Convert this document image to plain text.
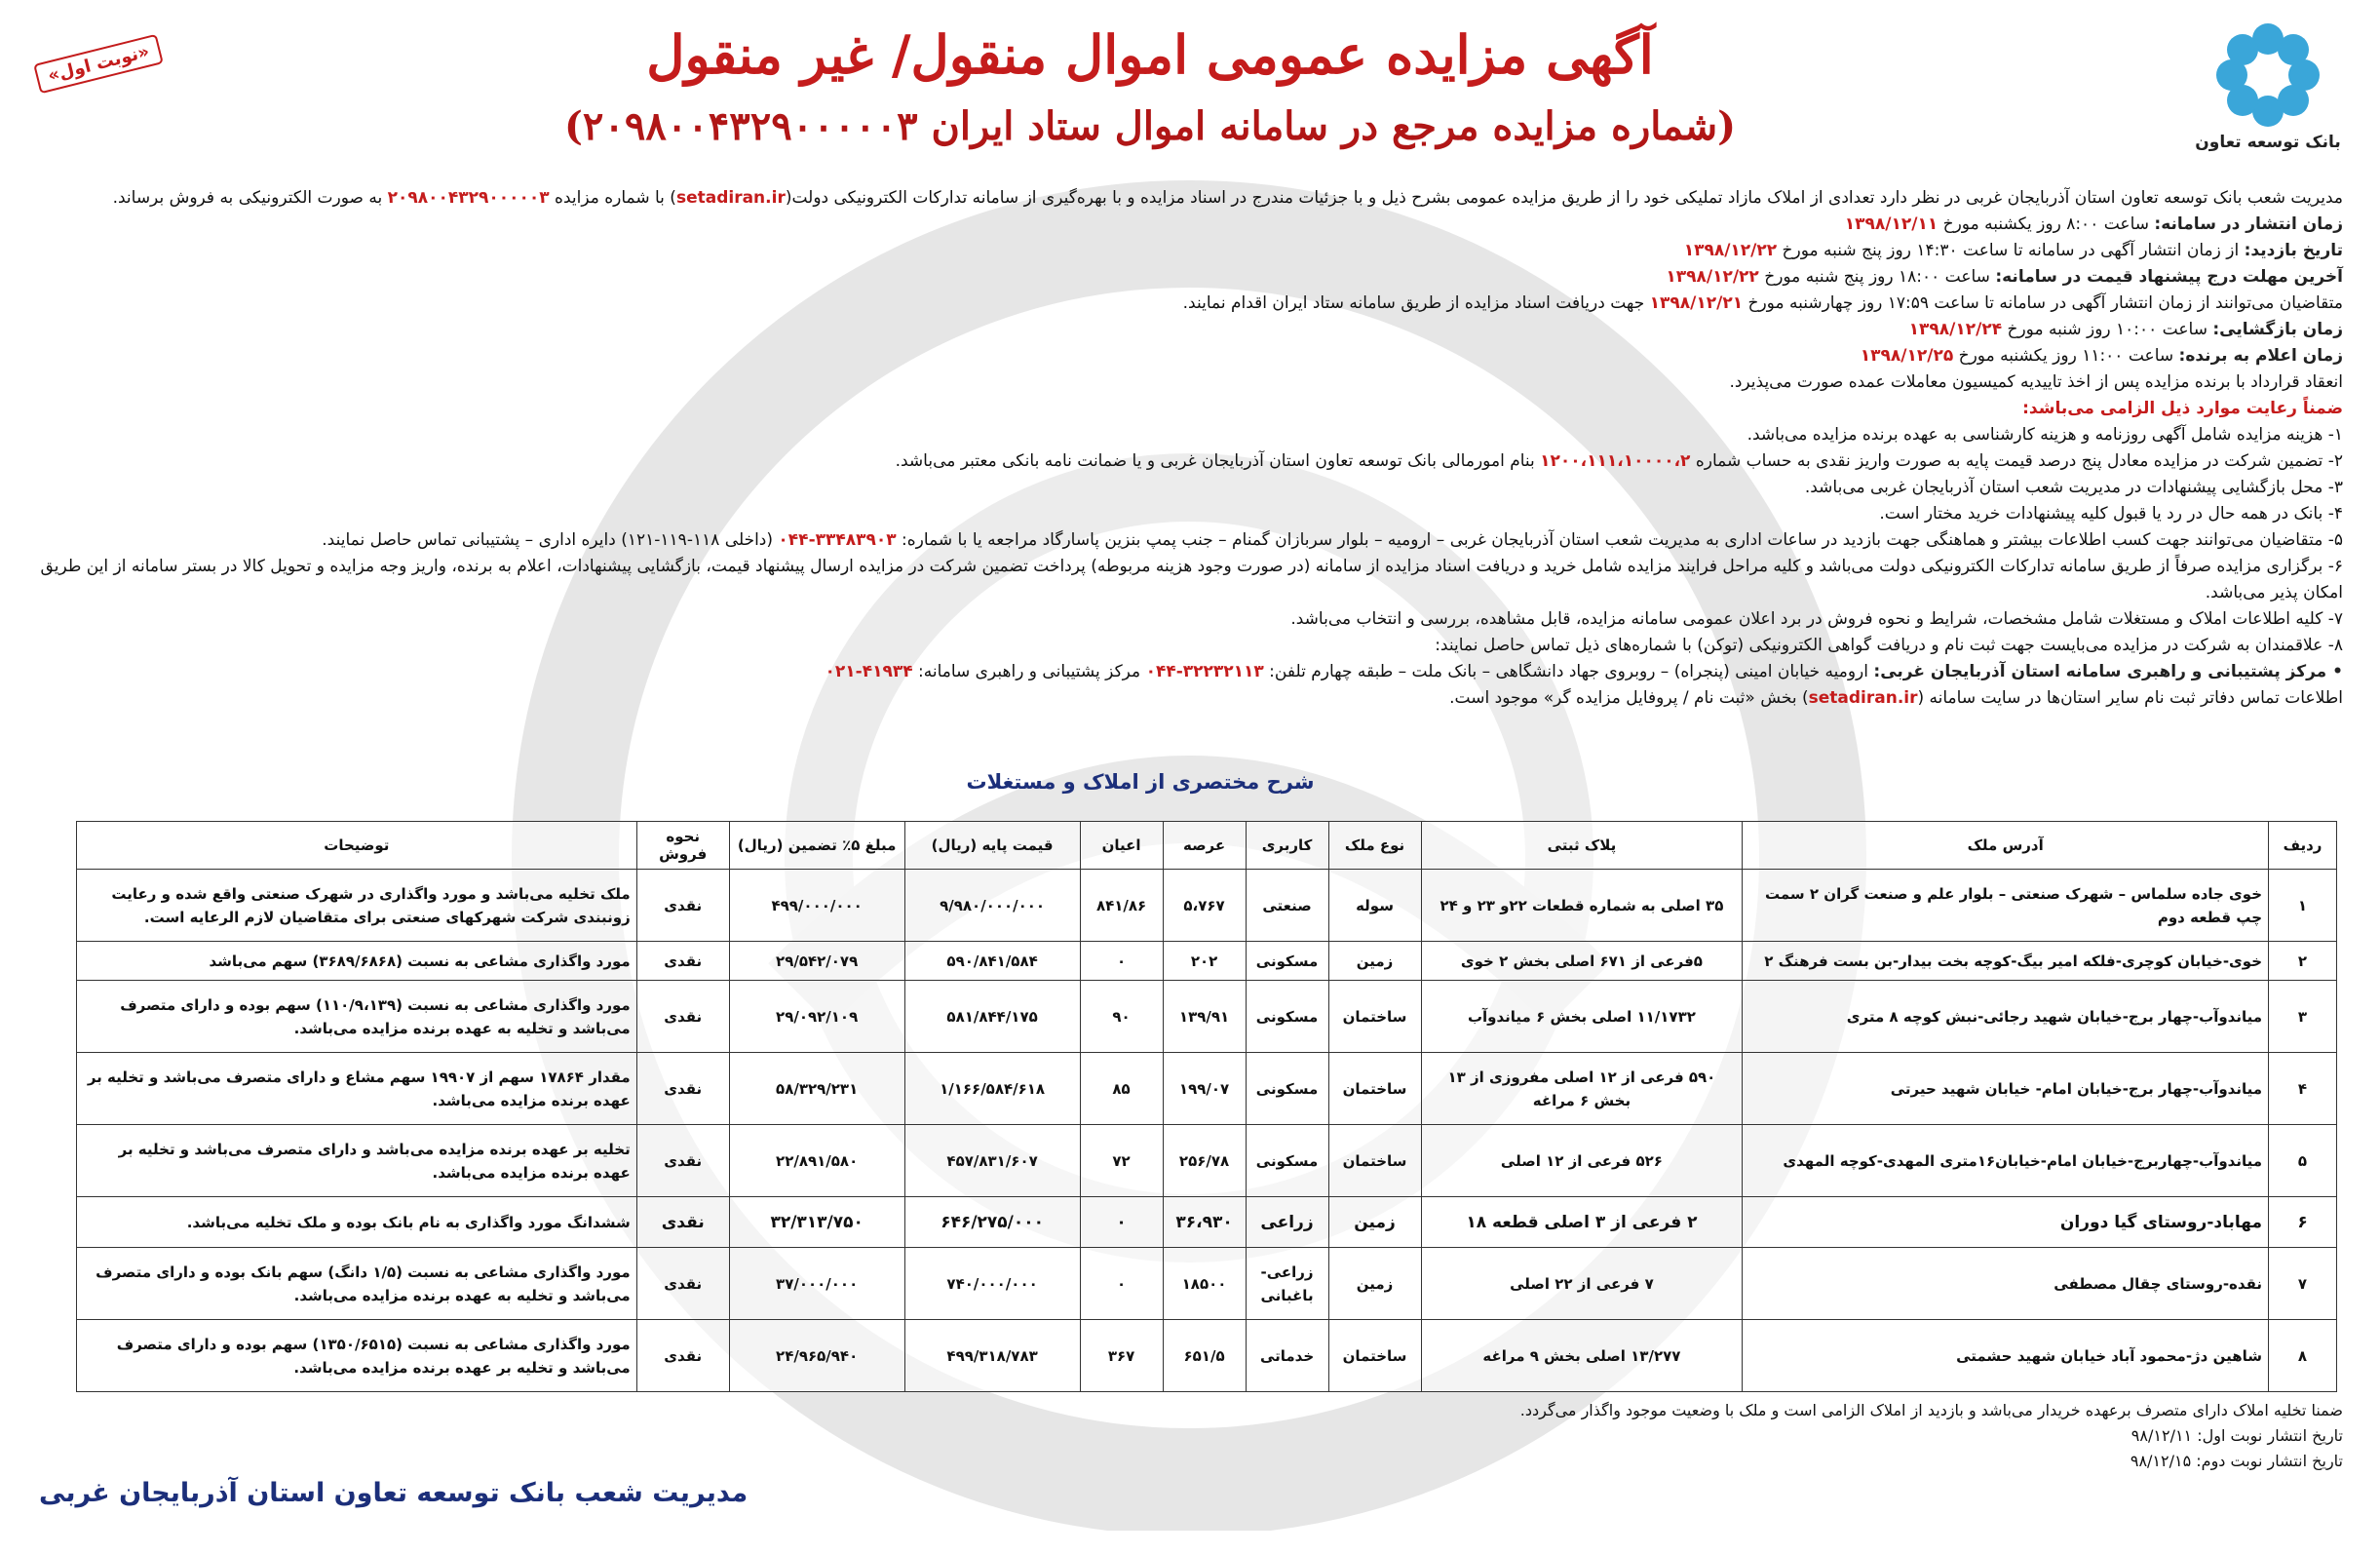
بانک توسعه تعاون
«نوبت اول»	آگهی مزایده عمومی اموال منقول/ غیر منقول
(شماره مزایده مرجع در سامانه اموال ستاد ایران ۲۰۹۸۰۰۴۳۲۹۰۰۰۰۰۳)

مدیریت شعب بانک توسعه تعاون استان آذربایجان غربی در نظر دارد تعدادی از املاک مازاد تملیکی خود را از طریق مزایده عمومی بشرح ذیل و با جزئیات مندرج در اسناد مزایده و با بهره‌گیری از سامانه تدارکات الکترونیکی دولت(setadiran.ir) با شماره مزایده ۲۰۹۸۰۰۴۳۲۹۰۰۰۰۰۳ به صورت الکترونیکی به فروش برساند.

زمان انتشار در سامانه: ساعت ۸:۰۰ روز یکشنبه مورخ ۱۳۹۸/۱۲/۱۱

تاریخ بازدید: از زمان انتشار آگهی در سامانه تا ساعت ۱۴:۳۰ روز پنج شنبه مورخ ۱۳۹۸/۱۲/۲۲

آخرین مهلت درج پیشنهاد قیمت در سامانه: ساعت ۱۸:۰۰ روز پنج شنبه مورخ ۱۳۹۸/۱۲/۲۲

متقاضیان می‌توانند از زمان انتشار آگهی در سامانه تا ساعت ۱۷:۵۹ روز چهارشنبه مورخ ۱۳۹۸/۱۲/۲۱ جهت دریافت اسناد مزایده از طریق سامانه ستاد ایران اقدام نمایند.

زمان بازگشایی: ساعت ۱۰:۰۰ روز شنبه مورخ ۱۳۹۸/۱۲/۲۴

زمان اعلام به برنده: ساعت ۱۱:۰۰ روز یکشنبه مورخ ۱۳۹۸/۱۲/۲۵

انعقاد قرارداد با برنده مزایده پس از اخذ تاییدیه کمیسیون معاملات عمده صورت می‌پذیرد.

ضمناً رعایت موارد ذیل الزامی می‌باشد:

۱- هزینه مزایده شامل آگهی روزنامه و هزینه کارشناسی به عهده برنده مزایده می‌باشد.

۲- تضمین شرکت در مزایده معادل پنج درصد قیمت پایه به صورت واریز نقدی به حساب شماره ۱۲۰۰،۱۱۱،۱۰۰۰۰،۲ بنام امورمالی بانک توسعه تعاون استان آذربایجان غربی و یا ضمانت نامه بانکی معتبر می‌باشد.

۳- محل بازگشایی پیشنهادات در مدیریت شعب استان آذربایجان غربی می‌باشد.

۴- بانک در همه حال در رد یا قبول کلیه پیشنهادات خرید مختار است.

۵- متقاضیان می‌توانند جهت کسب اطلاعات بیشتر و هماهنگی جهت بازدید در ساعات اداری به مدیریت شعب استان آذربایجان غربی – ارومیه – بلوار سربازان گمنام – جنب پمپ بنزین پاسارگاد مراجعه یا با شماره: ۳۳۴۸۳۹۰۳-۰۴۴ (داخلی ۱۱۸-۱۱۹-۱۲۱) دایره اداری – پشتیبانی تماس حاصل نمایند.

۶- برگزاری مزایده صرفاً از طریق سامانه تدارکات الکترونیکی دولت می‌باشد و کلیه مراحل فرایند مزایده شامل خرید و دریافت اسناد مزایده از سامانه (در صورت وجود هزینه مربوطه) پرداخت تضمین شرکت در مزایده ارسال پیشنهاد قیمت، بازگشایی پیشنهادات، اعلام به برنده، واریز وجه مزایده و تحویل کالا در بستر سامانه از این طریق امکان پذیر می‌باشد.

۷- کلیه اطلاعات املاک و مستغلات شامل مشخصات، شرایط و نحوه فروش در برد اعلان عمومی سامانه مزایده، قابل مشاهده، بررسی و انتخاب می‌باشد.

۸- علاقمندان به شرکت در مزایده می‌بایست جهت ثبت نام و دریافت گواهی الکترونیکی (توکن) با شماره‌های ذیل تماس حاصل نمایند:

• مرکز پشتیبانی و راهبری سامانه استان آذربایجان غربی: ارومیه خیابان امینی (پنجراه) – روبروی جهاد دانشگاهی – بانک ملت – طبقه چهارم تلفن: ۳۲۲۳۲۱۱۳-۰۴۴ مرکز پشتیبانی و راهبری سامانه: ۴۱۹۳۴-۰۲۱

اطلاعات تماس دفاتر ثبت نام سایر استان‌ها در سایت سامانه (setadiran.ir) بخش «ثبت نام / پروفایل مزایده گر» موجود است.

شرح مختصری از املاک و مستغلات
ردیف	آدرس ملک	پلاک ثبتی	نوع ملک	کاربری	عرصه	اعیان	قیمت پایه (ریال)	مبلغ ۵٪ تضمین (ریال)	نحوه فروش	توضیحات
۱	خوی جاده سلماس – شهرک صنعتی – بلوار علم و صنعت گران ۲ سمت چپ قطعه دوم	۳۵ اصلی به شماره قطعات ۲۲و ۲۳ و ۲۴	سوله	صنعتی	۵،۷۶۷	۸۴۱/۸۶	۹/۹۸۰/۰۰۰/۰۰۰	۴۹۹/۰۰۰/۰۰۰	نقدی	ملک تخلیه می‌باشد و مورد واگذاری در شهرک صنعتی واقع شده و رعایت زونبندی شرکت شهرکهای صنعتی برای متقاضیان لازم الرعایه است.
۲	خوی-خیابان کوچری-فلکه امیر بیگ-کوچه بخت بیدار-بن بست فرهنگ ۲	۵فرعی از ۶۷۱ اصلی بخش ۲ خوی	زمین	مسکونی	۲۰۲	۰	۵۹۰/۸۴۱/۵۸۴	۲۹/۵۴۲/۰۷۹	نقدی	مورد واگذاری مشاعی به نسبت (۳۶۸۹/۶۸۶۸) سهم می‌باشد
۳	میاندوآب-چهار برج-خیابان شهید رجائی-نبش کوچه ۸ متری	۱۱/۱۷۳۲ اصلی بخش ۶ میاندوآب	ساختمان	مسکونی	۱۳۹/۹۱	۹۰	۵۸۱/۸۴۴/۱۷۵	۲۹/۰۹۲/۱۰۹	نقدی	مورد واگذاری مشاعی به نسبت (۱۱۰/۹،۱۳۹) سهم بوده و دارای متصرف می‌باشد و تخلیه به عهده برنده مزایده می‌باشد.
۴	میاندوآب-چهار برج-خیابان امام- خیابان شهید حیرتی	۵۹۰ فرعی از ۱۲ اصلی مفروزی از ۱۳ بخش ۶ مراغه	ساختمان	مسکونی	۱۹۹/۰۷	۸۵	۱/۱۶۶/۵۸۴/۶۱۸	۵۸/۳۲۹/۲۳۱	نقدی	مقدار ۱۷۸۶۴ سهم از ۱۹۹۰۷ سهم مشاع و دارای متصرف می‌باشد و تخلیه بر عهده برنده مزایده می‌باشد.
۵	میاندوآب-چهاربرج-خیابان امام-خیابان۱۶متری المهدی-کوچه المهدی	۵۲۶ فرعی از ۱۲ اصلی	ساختمان	مسکونی	۲۵۶/۷۸	۷۲	۴۵۷/۸۳۱/۶۰۷	۲۲/۸۹۱/۵۸۰	نقدی	تخلیه بر عهده برنده مزایده می‌باشد و دارای متصرف می‌باشد و تخلیه بر عهده برنده مزایده می‌باشد.
۶	مهاباد-روستای گیا دوران	۲ فرعی از ۳ اصلی قطعه ۱۸	زمین	زراعی	۳۶،۹۳۰	۰	۶۴۶/۲۷۵/۰۰۰	۳۲/۳۱۳/۷۵۰	نقدی	ششدانگ مورد واگذاری به نام بانک بوده و ملک تخلیه می‌باشد.
۷	نقده-روستای چقال مصطفی	۷ فرعی از ۲۲ اصلی	زمین	زراعی- باغبانی	۱۸۵۰۰	۰	۷۴۰/۰۰۰/۰۰۰	۳۷/۰۰۰/۰۰۰	نقدی	مورد واگذاری مشاعی به نسبت (۱/۵ دانگ) سهم بانک بوده و دارای متصرف می‌باشد و تخلیه به عهده برنده مزایده می‌باشد.
۸	شاهین دژ-محمود آباد خیابان شهید حشمتی	۱۳/۲۷۷ اصلی بخش ۹ مراغه	ساختمان	خدماتی	۶۵۱/۵	۳۶۷	۴۹۹/۳۱۸/۷۸۳	۲۴/۹۶۵/۹۴۰	نقدی	مورد واگذاری مشاعی به نسبت (۱۳۵۰/۶۵۱۵) سهم بوده و دارای متصرف می‌باشد و تخلیه بر عهده برنده مزایده می‌باشد.

ضمنا تخلیه املاک دارای متصرف برعهده خریدار می‌باشد و بازدید از املاک الزامی است و ملک با وضعیت موجود واگذار می‌گردد.

تاریخ انتشار نوبت اول: ۹۸/۱۲/۱۱

تاریخ انتشار نوبت دوم: ۹۸/۱۲/۱۵

مدیریت شعب بانک توسعه تعاون استان آذربایجان غربی
